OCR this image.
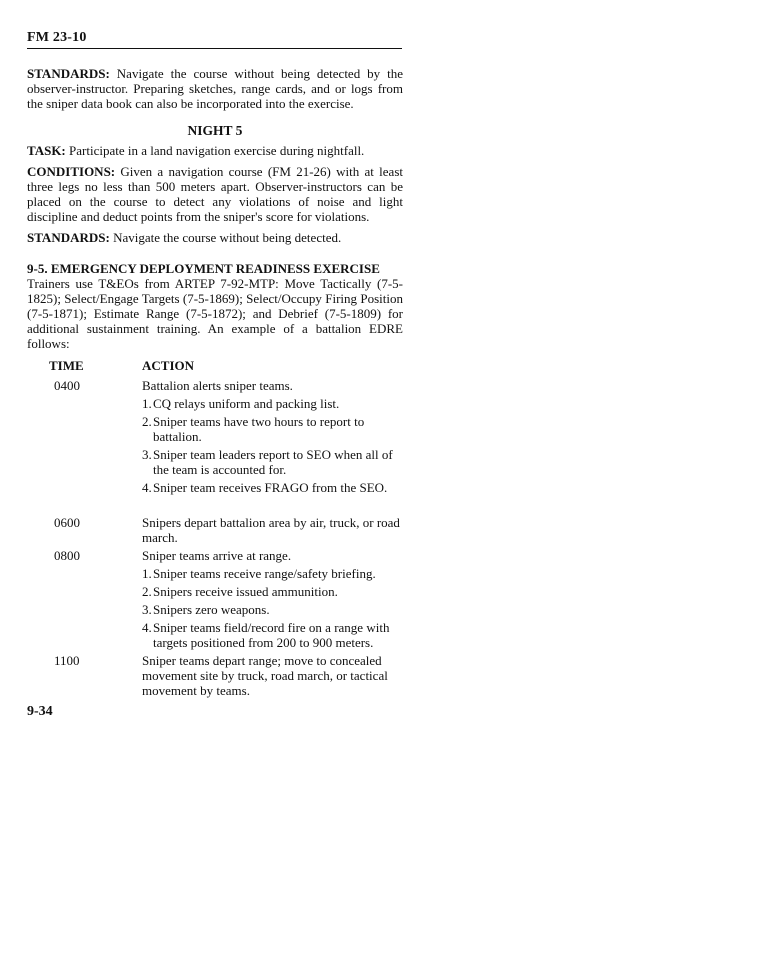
FM 23-10

STANDARDS: Navigate the course without being detected by the observer-instructor. Preparing sketches, range cards, and or logs from the sniper data book can also be incorporated into the exercise.

NIGHT 5

TASK: Participate in a land navigation exercise during nightfall.

CONDITIONS: Given a navigation course (FM 21-26) with at least three legs no less than 500 meters apart. Observer-instructors can be placed on the course to detect any violations of noise and light discipline and deduct points from the sniper's score for violations.

STANDARDS: Navigate the course without being detected.

9-5. EMERGENCY DEPLOYMENT READINESS EXERCISE

Trainers use T&EOs from ARTEP 7-92-MTP: Move Tactically (7-5-1825); Select/Engage Targets (7-5-1869); Select/Occupy Firing Position (7-5-1871); Estimate Range (7-5-1872); and Debrief (7-5-1809) for additional sustainment training. An example of a battalion EDRE follows:

TIME	ACTION
0400	Battalion alerts sniper teams.
1. CQ relays uniform and packing list.
2. Sniper teams have two hours to report to battalion.
3. Sniper team leaders report to SEO when all of the team is accounted for.
4. Sniper team receives FRAGO from the SEO.
0600	Snipers depart battalion area by air, truck, or road march.
0800	Sniper teams arrive at range.
1. Sniper teams receive range/safety briefing.
2. Snipers receive issued ammunition.
3. Snipers zero weapons.
4. Sniper teams field/record fire on a range with targets positioned from 200 to 900 meters.
1100	Sniper teams depart range; move to concealed movement site by truck, road march, or tactical movement by teams.
9-34
